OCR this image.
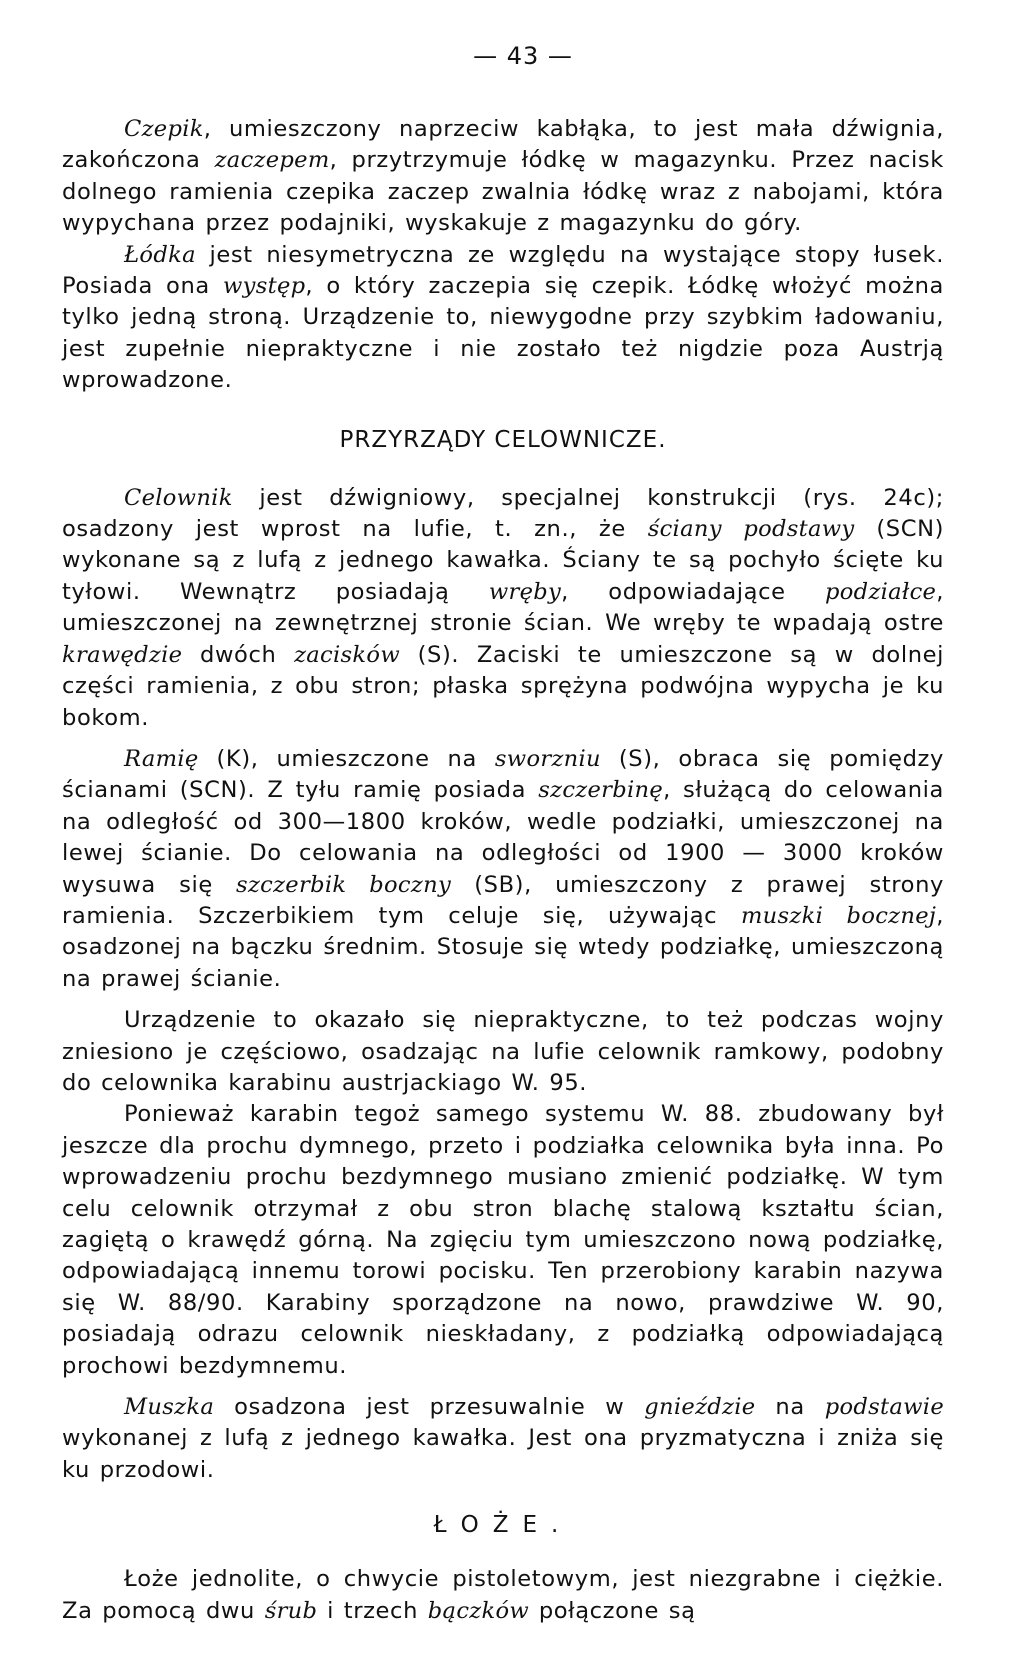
— 43 —

Czepik, umieszczony naprzeciw kabłąka, to jest mała dźwignia, zakończona zaczepem, przytrzymuje łódkę w magazynku. Przez nacisk dolnego ramienia czepika zaczep zwalnia łódkę wraz z nabojami, która wypychana przez podajniki, wyskakuje z magazynku do góry.

Łódka jest niesymetryczna ze względu na wystające stopy łusek. Posiada ona występ, o który zaczepia się czepik. Łódkę włożyć można tylko jedną stroną. Urządzenie to, niewygodne przy szybkim ładowaniu, jest zupełnie niepraktyczne i nie zostało też nigdzie poza Austrją wprowadzone.

PRZYRZĄDY CELOWNICZE.

Celownik jest dźwigniowy, specjalnej konstrukcji (rys. 24c); osadzony jest wprost na lufie, t. zn., że ściany podstawy (SCN) wykonane są z lufą z jednego kawałka. Ściany te są pochyło ścięte ku tyłowi. Wewnątrz posiadają wręby, odpowiadające podziałce, umieszczonej na zewnętrznej stronie ścian. We wręby te wpadają ostre krawędzie dwóch zacisków (S). Zaciski te umieszczone są w dolnej części ramienia, z obu stron; płaska sprężyna podwójna wypycha je ku bokom.

Ramię (K), umieszczone na sworzniu (S), obraca się pomiędzy ścianami (SCN). Z tyłu ramię posiada szczerbinę, służącą do celowania na odległość od 300—1800 kroków, wedle podziałki, umieszczonej na lewej ścianie. Do celowania na odległości od 1900 — 3000 kroków wysuwa się szczerbik boczny (SB), umieszczony z prawej strony ramienia. Szczerbikiem tym celuje się, używając muszki bocznej, osadzonej na bączku średnim. Stosuje się wtedy podziałkę, umieszczoną na prawej ścianie.

Urządzenie to okazało się niepraktyczne, to też podczas wojny zniesiono je częściowo, osadzając na lufie celownik ramkowy, podobny do celownika karabinu austrjackiago W. 95.

Ponieważ karabin tegoż samego systemu W. 88. zbudowany był jeszcze dla prochu dymnego, przeto i podziałka celownika była inna. Po wprowadzeniu prochu bezdymnego musiano zmienić podziałkę. W tym celu celownik otrzymał z obu stron blachę stalową kształtu ścian, zagiętą o krawędź górną. Na zgięciu tym umieszczono nową podziałkę, odpowiadającą innemu torowi pocisku. Ten przerobiony karabin nazywa się W. 88/90. Karabiny sporządzone na nowo, prawdziwe W. 90, posiadają odrazu celownik nieskładany, z podziałką odpowiadającą prochowi bezdymnemu.

Muszka osadzona jest przesuwalnie w gnieździe na podstawie wykonanej z lufą z jednego kawałka. Jest ona pryzmatyczna i zniża się ku przodowi.

ŁOŻE.

Łoże jednolite, o chwycie pistoletowym, jest niezgrabne i ciężkie. Za pomocą dwu śrub i trzech bączków połączone są
